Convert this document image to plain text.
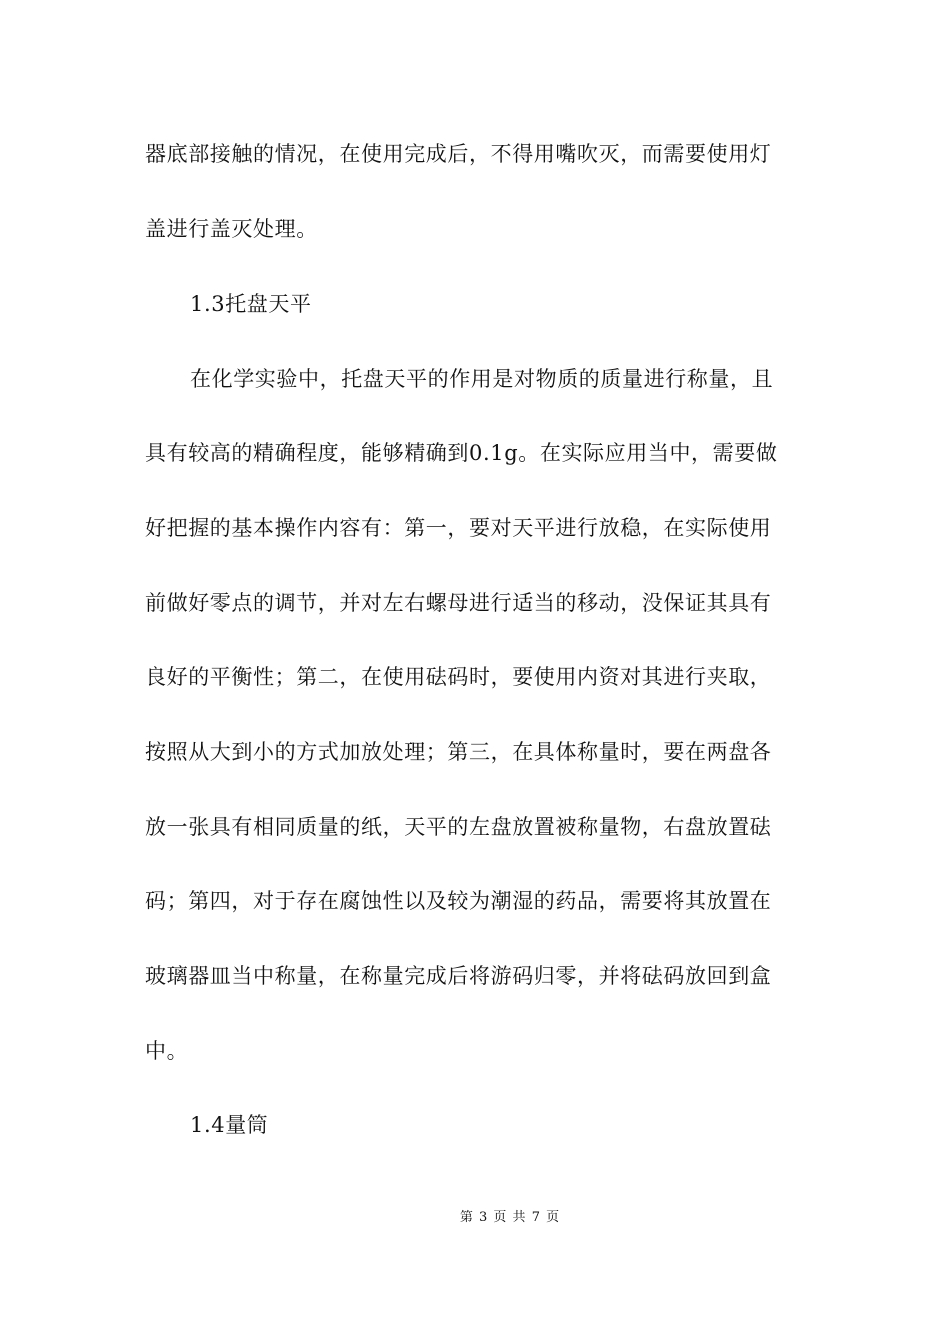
器底部接触的情况，在使用完成后，不得用嘴吹灭，而需要使用灯
盖进行盖灭处理。
1.3托盘天平
在化学实验中，托盘天平的作用是对物质的质量进行称量，且
具有较高的精确程度，能够精确到0.1g。在实际应用当中，需要做
好把握的基本操作内容有：第一，要对天平进行放稳，在实际使用
前做好零点的调节，并对左右螺母进行适当的移动，没保证其具有
良好的平衡性；第二，在使用砝码时，要使用内资对其进行夹取，
按照从大到小的方式加放处理；第三，在具体称量时，要在两盘各
放一张具有相同质量的纸，天平的左盘放置被称量物，右盘放置砝
码；第四，对于存在腐蚀性以及较为潮湿的药品，需要将其放置在
玻璃器皿当中称量，在称量完成后将游码归零，并将砝码放回到盒
中。
1.4量筒
第 3 页 共 7 页
